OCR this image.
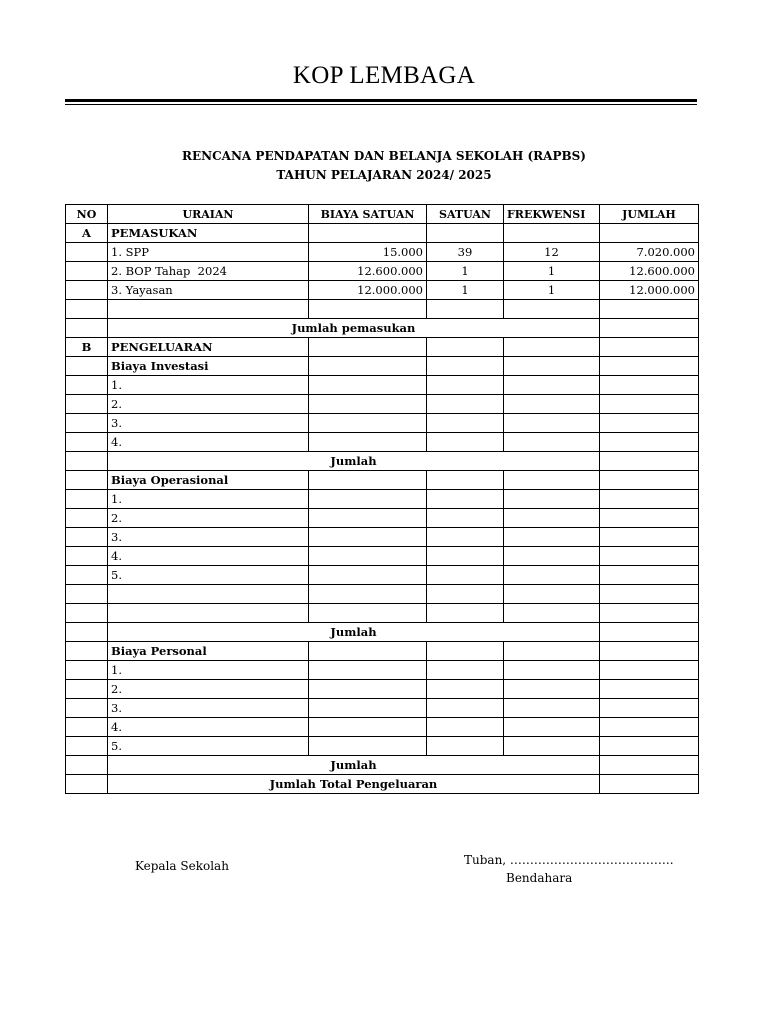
KOP LEMBAGA
RENCANA PENDAPATAN DAN BELANJA SEKOLAH (RAPBS)
TAHUN PELAJARAN 2024/ 2025
NO	URAIAN	BIAYA SATUAN	SATUAN	FREKWENSI	JUMLAH
A	PEMASUKAN				
	1. SPP	15.000	39	12	7.020.000
	2. BOP Tahap  2024	12.600.000	1	1	12.600.000
	3. Yayasan	12.000.000	1	1	12.000.000

	Jumlah pemasukan				
B	PENGELUARAN				
	Biaya Investasi				
	1.				
	2.				
	3.				
	4.				
	Jumlah				
	Biaya Operasional				
	1.				
	2.				
	3.				
	4.				
	5.				

	Jumlah				
	Biaya Personal				
	1.				
	2.				
	3.				
	4.				
	5.				
	Jumlah				
	Jumlah Total Pengeluaran				
Kepala Sekolah	Tuban, …………………………………..
Bendahara
